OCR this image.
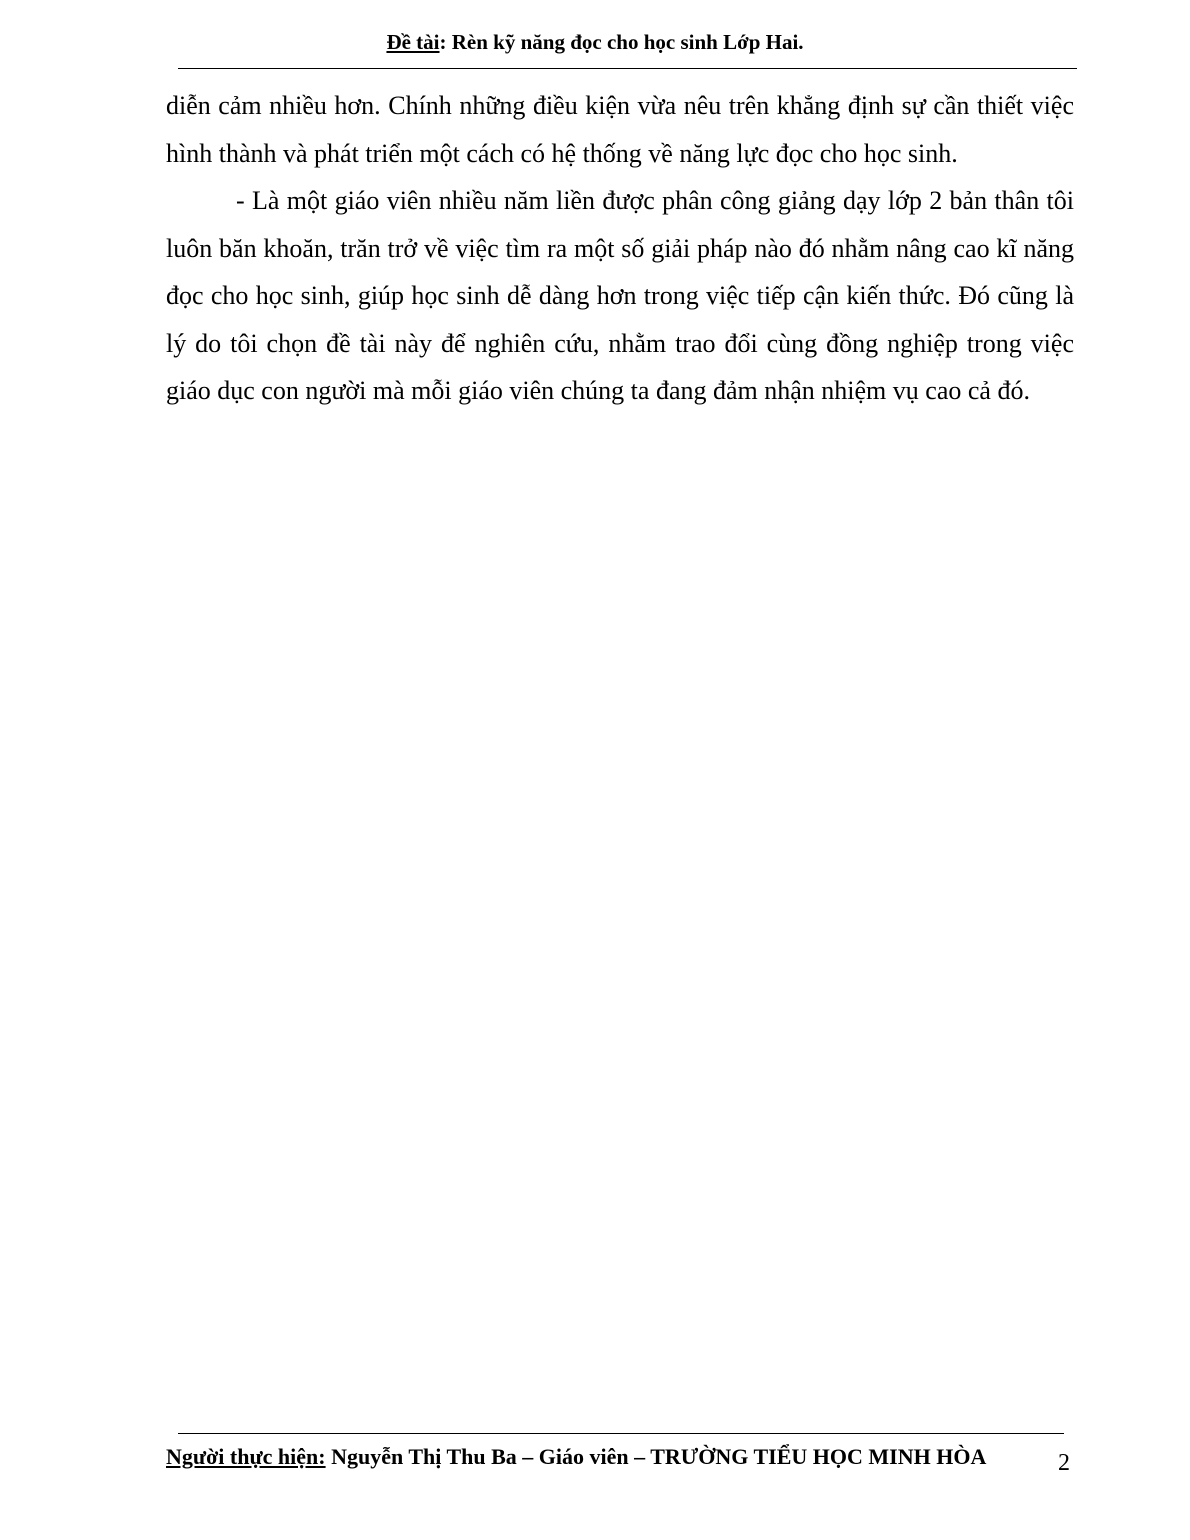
Đề tài: Rèn kỹ năng đọc cho học sinh Lớp Hai.

diễn cảm nhiều hơn. Chính những điều kiện vừa nêu trên khẳng định sự cần thiết việc hình thành và phát triển một cách có hệ thống về năng lực đọc cho học sinh.

- Là một giáo viên nhiều năm liền được phân công giảng dạy lớp 2 bản thân tôi luôn băn khoăn, trăn trở về việc tìm ra một số giải pháp nào đó nhằm nâng cao kĩ năng đọc cho học sinh, giúp học sinh dễ dàng hơn trong việc tiếp cận kiến thức. Đó cũng là lý do tôi chọn đề tài này để nghiên cứu, nhằm trao đổi cùng đồng nghiệp trong việc giáo dục con người mà mỗi giáo viên chúng ta đang đảm nhận nhiệm vụ cao cả đó.

Người thực hiện: Nguyễn Thị Thu Ba – Giáo viên – TRƯỜNG TIỂU HỌC MINH HÒA	2
